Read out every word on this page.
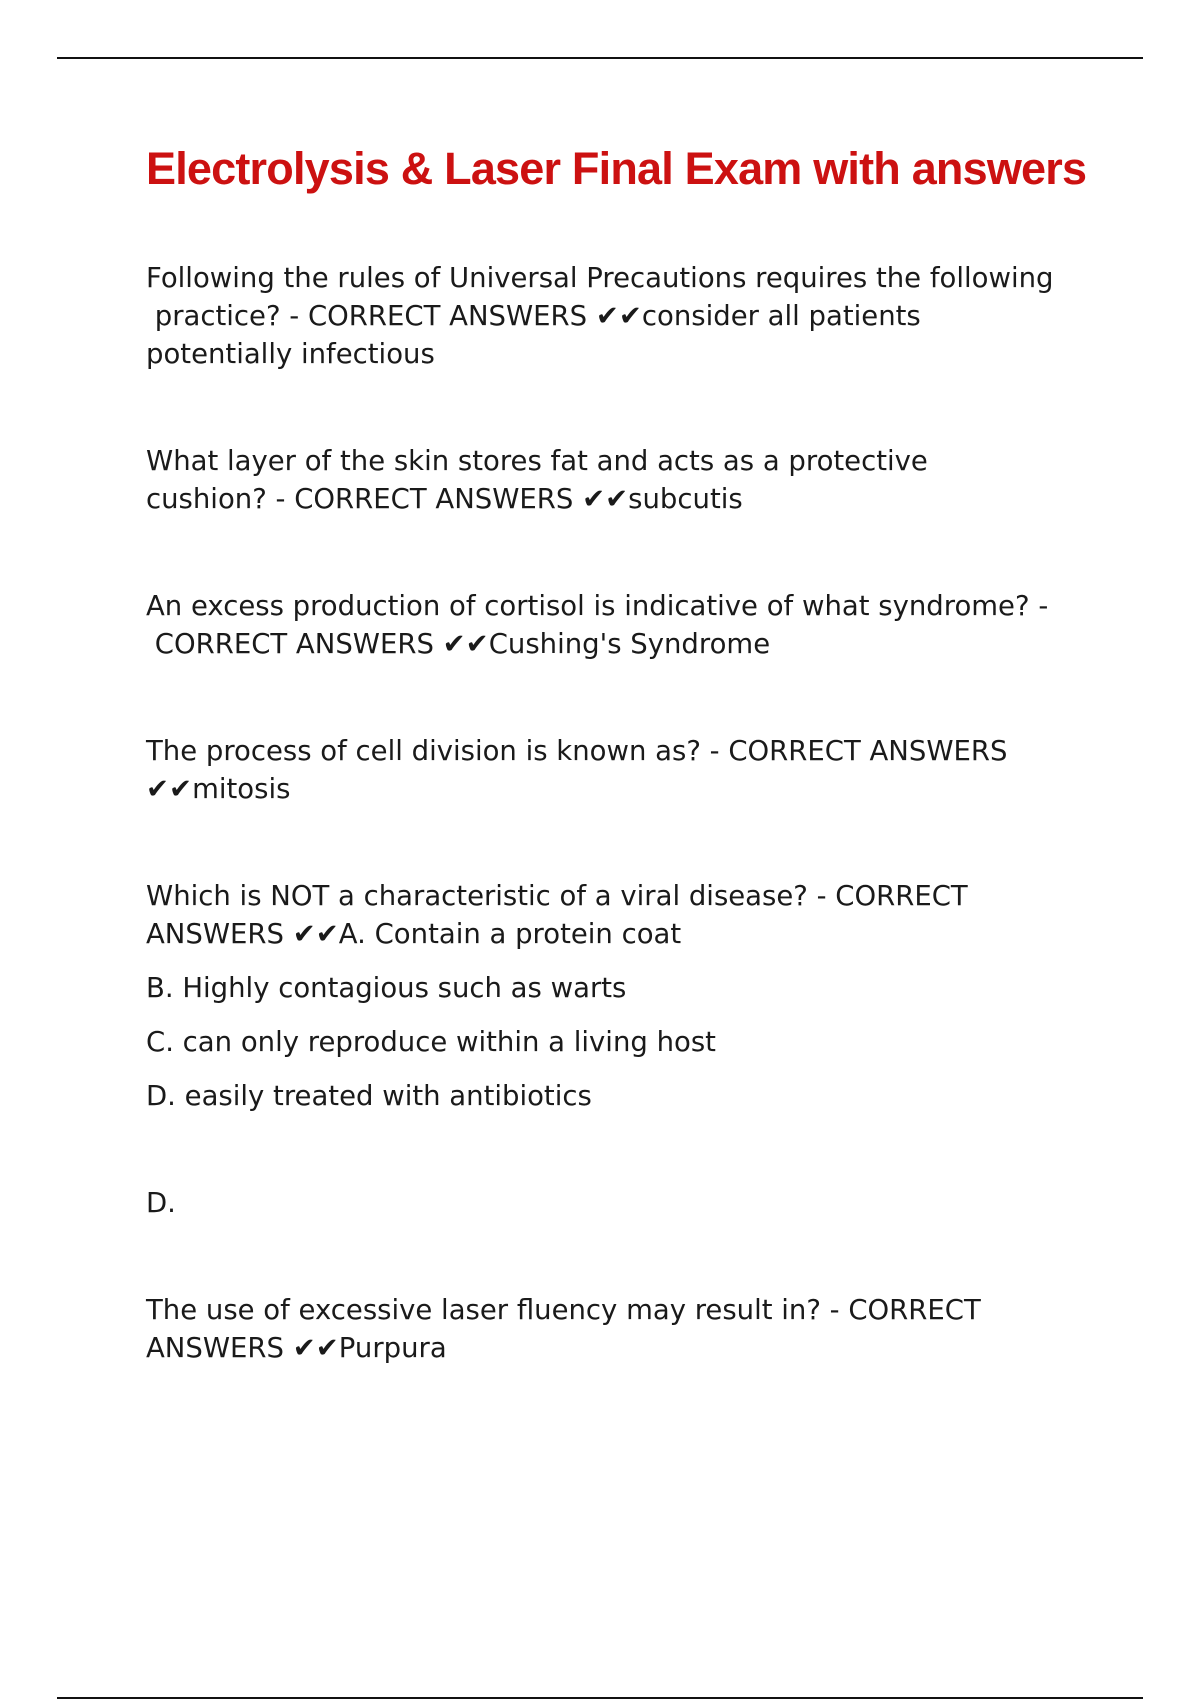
Electrolysis & Laser Final Exam with answers

Following the rules of Universal Precautions requires the following
practice? - CORRECT ANSWERS ✔✔consider all patients
potentially infectious

What layer of the skin stores fat and acts as a protective
cushion? - CORRECT ANSWERS ✔✔subcutis

An excess production of cortisol is indicative of what syndrome? -
CORRECT ANSWERS ✔✔Cushing's Syndrome

The process of cell division is known as? - CORRECT ANSWERS
✔✔mitosis

Which is NOT a characteristic of a viral disease? - CORRECT
ANSWERS ✔✔A. Contain a protein coat

B. Highly contagious such as warts

C. can only reproduce within a living host

D. easily treated with antibiotics

D.

The use of excessive laser fluency may result in? - CORRECT
ANSWERS ✔✔Purpura
